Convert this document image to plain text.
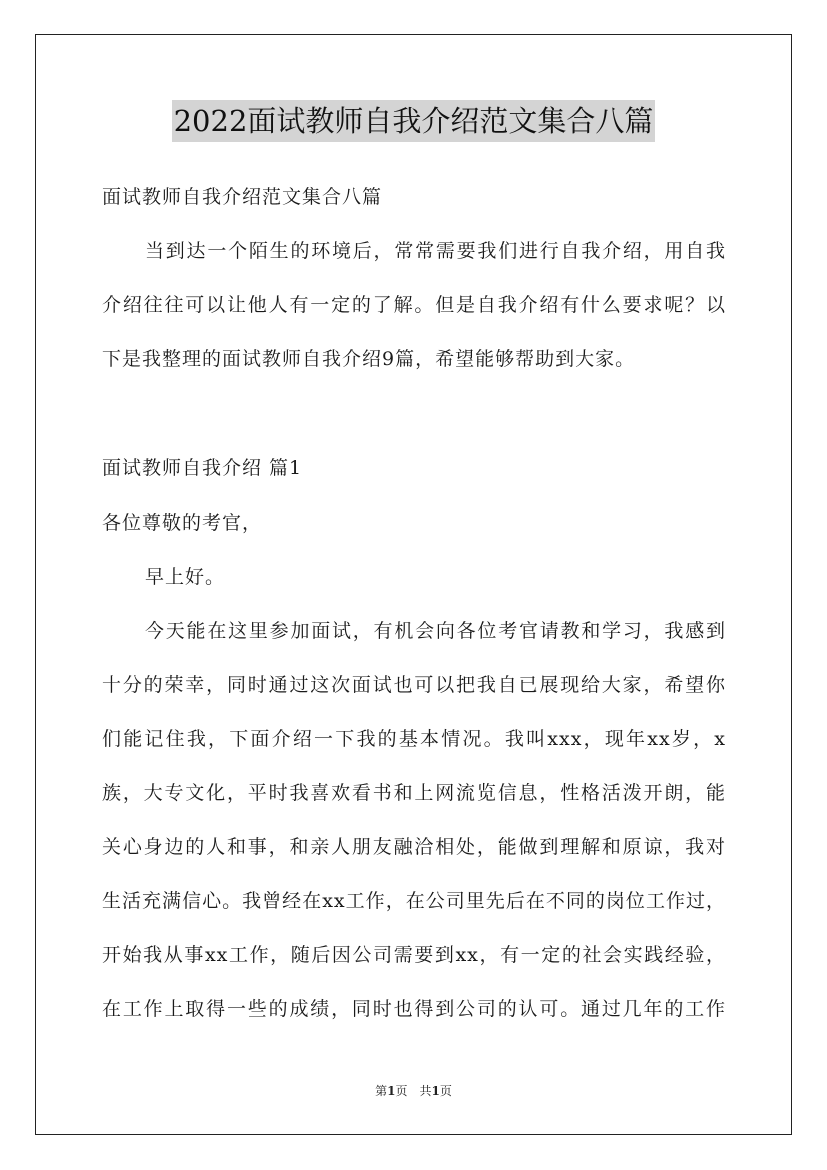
2022面试教师自我介绍范文集合八篇
面试教师自我介绍范文集合八篇
当到达一个陌生的环境后，常常需要我们进行自我介绍，用自我
介绍往往可以让他人有一定的了解。但是自我介绍有什么要求呢？以
下是我整理的面试教师自我介绍9篇，希望能够帮助到大家。
面试教师自我介绍 篇1
各位尊敬的考官，
早上好。
今天能在这里参加面试，有机会向各位考官请教和学习，我感到
十分的荣幸，同时通过这次面试也可以把我自已展现给大家，希望你
们能记住我，下面介绍一下我的基本情况。我叫xxx，现年xx岁，x
族，大专文化，平时我喜欢看书和上网流览信息，性格活泼开朗，能
关心身边的人和事，和亲人朋友融洽相处，能做到理解和原谅，我对
生活充满信心。我曾经在xx工作，在公司里先后在不同的岗位工作过，
开始我从事xx工作，随后因公司需要到xx，有一定的社会实践经验，
在工作上取得一些的成绩，同时也得到公司的认可。通过几年的工作
第1页　共1页
